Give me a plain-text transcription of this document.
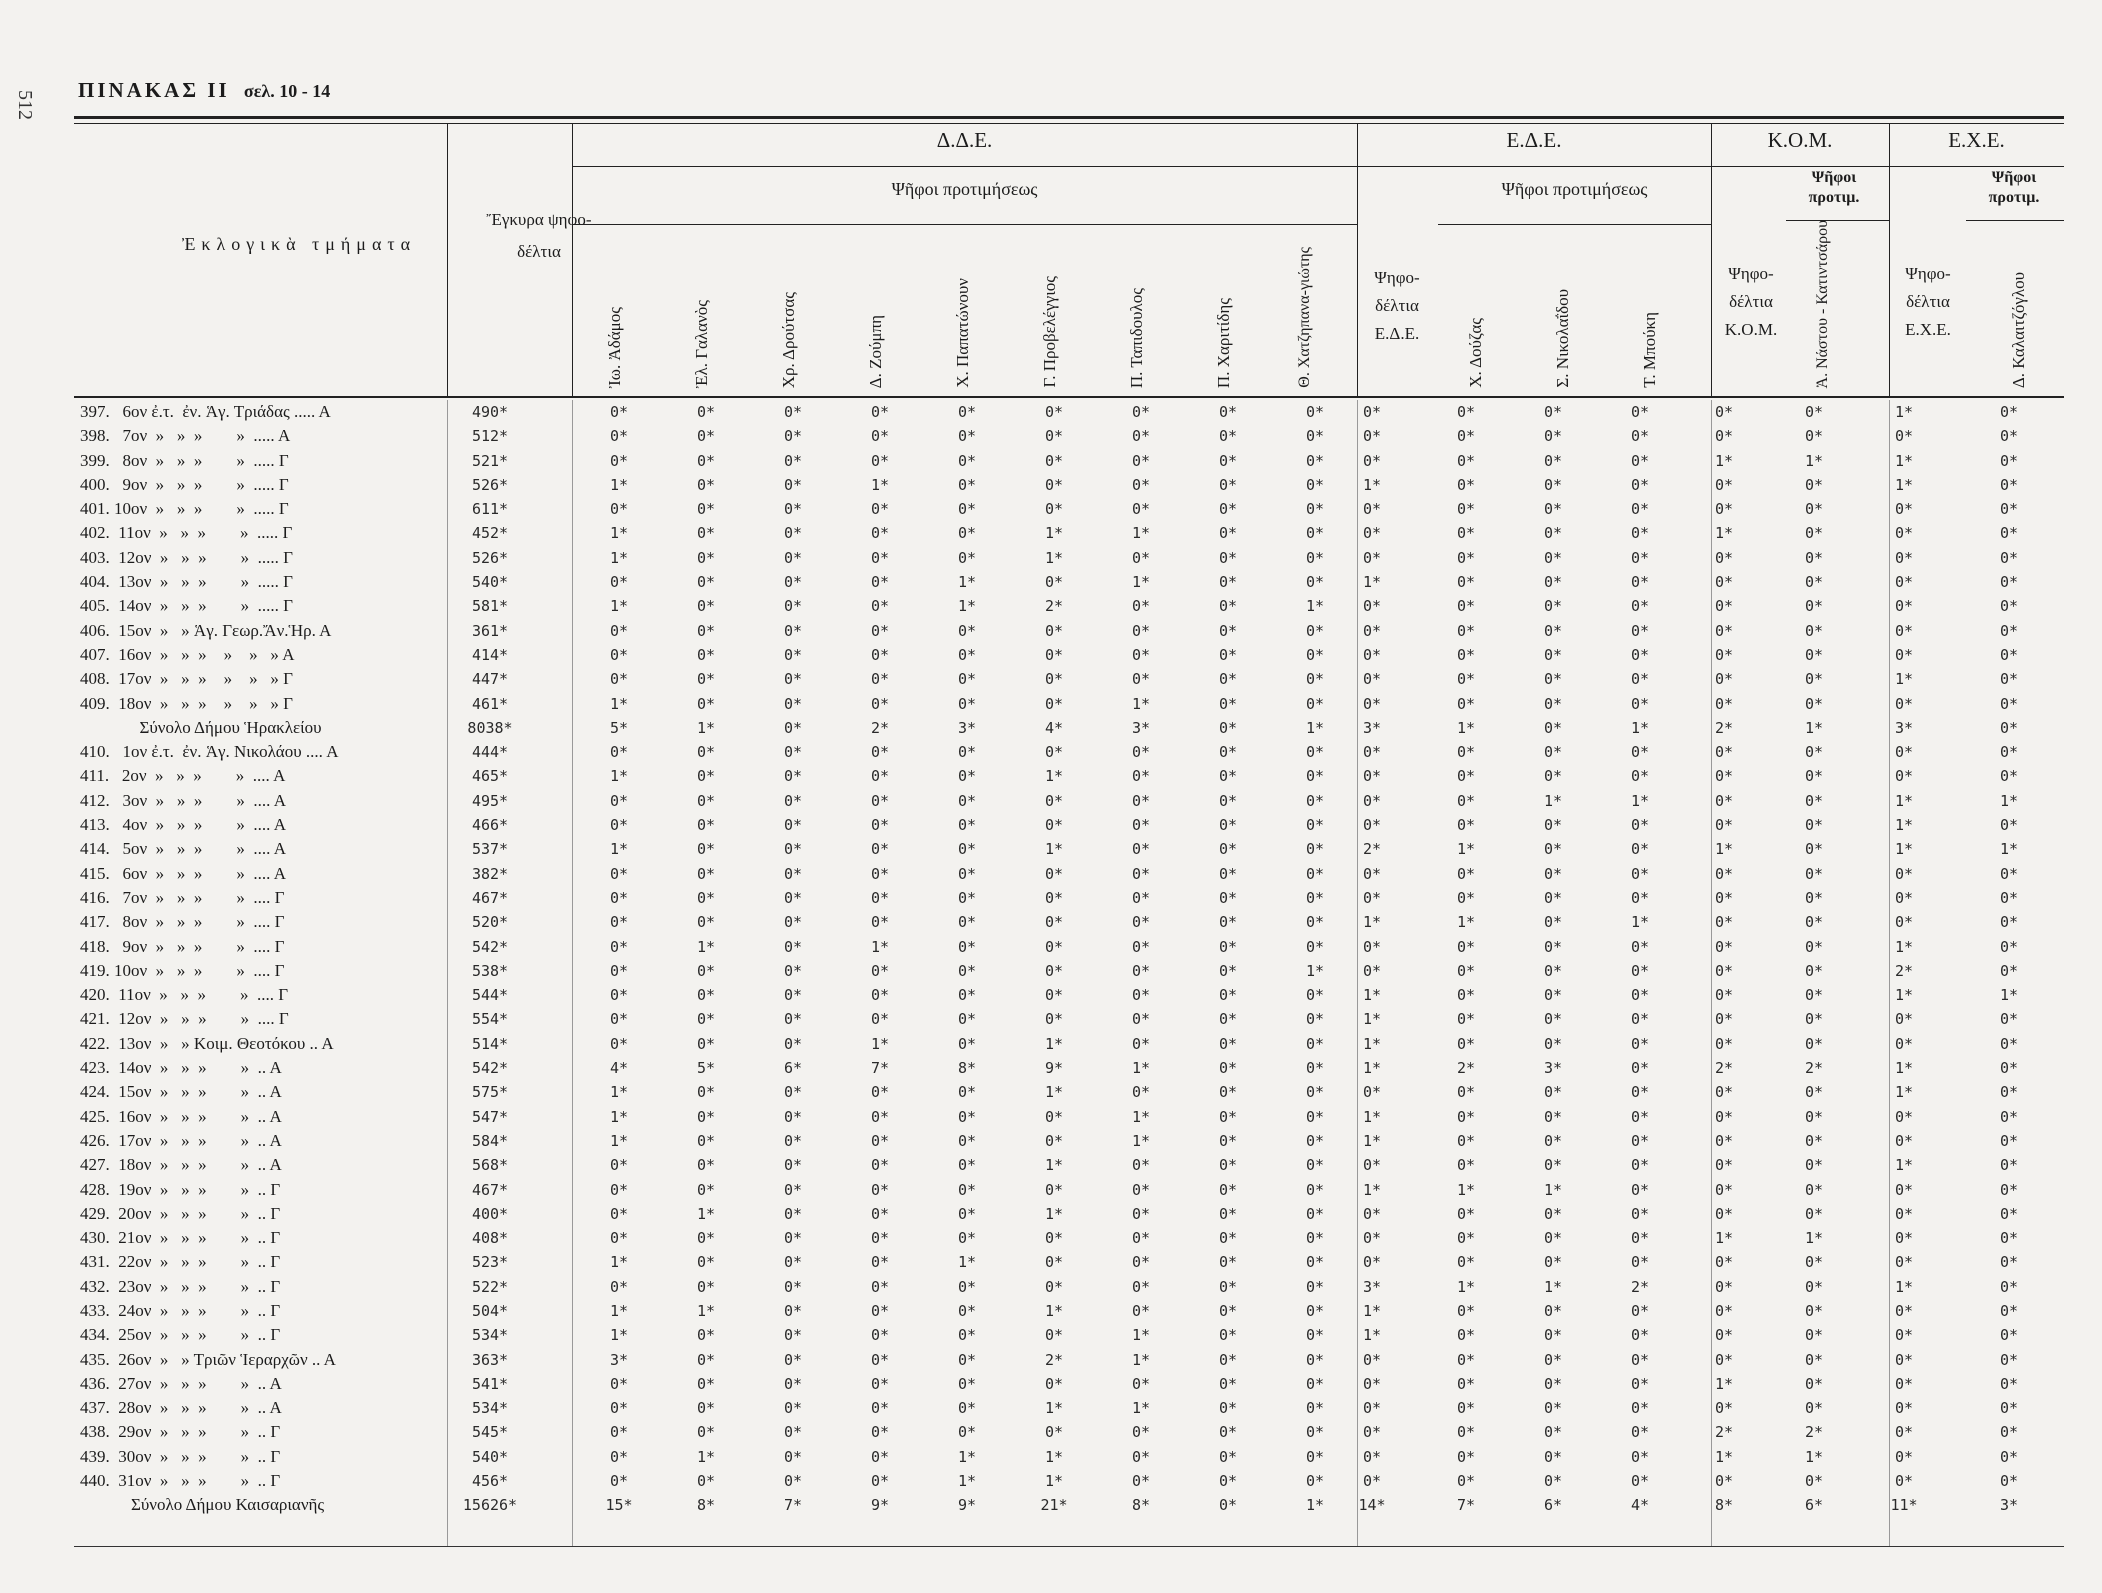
512 ΠΙΝΑΚΑΣ ΙΙ σελ. 10 - 14
Ἐκλογικὰ τμήματα
Ἔγκυρα ψηφο- δέλτια
Δ.Δ.Ε.	Ε.Δ.Ε.	Κ.Ο.Μ.	Ε.Χ.Ε.
Ψῆφοι προτιμήσεως	Ψῆφοι προτιμήσεως
Ψῆφοι προτιμ.
Ψῆφοι προτιμ.
Ἰω. Ἀδάμος	Ἐλ. Γαλανὸς	Χρ. Δρούτσας	Δ. Ζούμπη	Χ. Παπατώνουν	Γ. Προβελέγγιος	Π. Ταπιδουλος	Π. Χαριτίδης	Θ. Χατζηπανα-γιώτης	Ψηφο- δέλτια Ε.Δ.Ε.	Χ. Δούζας	Σ. Νικολαΐδου	Τ. Μπούκη
Ψηφο- δέλτια Κ.Ο.Μ.	Ἀ. Νάστου - Κατιντσάρου	Ψηφο- δέλτια Ε.Χ.Ε.	Δ. Καλαιτζόγλου
397.   6ον ἐ.τ.  ἐν. Ἁγ. Τριάδας ..... Α	490*	0*	0*	0*	0*	0*	0*	0*	0*	0*	0*	0*	0*	0*	0*	0*	1*	0*
398.   7ον  »   »  »        »  ..... Α	512*	0*	0*	0*	0*	0*	0*	0*	0*	0*	0*	0*	0*	0*	0*	0*	0*	0*
399.   8ον  »   »  »        »  ..... Γ	521*	0*	0*	0*	0*	0*	0*	0*	0*	0*	0*	0*	0*	0*	1*	1*	1*	0*
400.   9ον  »   »  »        »  ..... Γ	526*	1*	0*	0*	1*	0*	0*	0*	0*	0*	1*	0*	0*	0*	0*	0*	1*	0*
401. 10ον  »   »  »        »  ..... Γ	611*	0*	0*	0*	0*	0*	0*	0*	0*	0*	0*	0*	0*	0*	0*	0*	0*	0*
402.  11ον  »   »  »        »  ..... Γ	452*	1*	0*	0*	0*	0*	1*	1*	0*	0*	0*	0*	0*	0*	1*	0*	0*	0*
403.  12ον  »   »  »        »  ..... Γ	526*	1*	0*	0*	0*	0*	1*	0*	0*	0*	0*	0*	0*	0*	0*	0*	0*	0*
404.  13ον  »   »  »        »  ..... Γ	540*	0*	0*	0*	0*	1*	0*	1*	0*	0*	1*	0*	0*	0*	0*	0*	0*	0*
405.  14ον  »   »  »        »  ..... Γ	581*	1*	0*	0*	0*	1*	2*	0*	0*	1*	0*	0*	0*	0*	0*	0*	0*	0*
406.  15ον  »   » Ἁγ. Γεωρ.Ἄν.Ἡρ. Α	361*	0*	0*	0*	0*	0*	0*	0*	0*	0*	0*	0*	0*	0*	0*	0*	0*	0*
407.  16ον  »   »  »    »    »   » Α	414*	0*	0*	0*	0*	0*	0*	0*	0*	0*	0*	0*	0*	0*	0*	0*	0*	0*
408.  17ον  »   »  »    »    »   » Γ	447*	0*	0*	0*	0*	0*	0*	0*	0*	0*	0*	0*	0*	0*	0*	0*	1*	0*
409.  18ον  »   »  »    »    »   » Γ	461*	1*	0*	0*	0*	0*	0*	1*	0*	0*	0*	0*	0*	0*	0*	0*	0*	0*
Σύνολο Δήμου Ἡρακλείου	8038*	5*	1*	0*	2*	3*	4*	3*	0*	1*	3*	1*	0*	1*	2*	1*	3*	0*
410.   1ον ἐ.τ.  ἐν. Ἁγ. Νικολάου .... Α	444*	0*	0*	0*	0*	0*	0*	0*	0*	0*	0*	0*	0*	0*	0*	0*	0*	0*
411.   2ον  »   »  »        »  .... Α	465*	1*	0*	0*	0*	0*	1*	0*	0*	0*	0*	0*	0*	0*	0*	0*	0*	0*
412.   3ον  »   »  »        »  .... Α	495*	0*	0*	0*	0*	0*	0*	0*	0*	0*	0*	0*	1*	1*	0*	0*	1*	1*
413.   4ον  »   »  »        »  .... Α	466*	0*	0*	0*	0*	0*	0*	0*	0*	0*	0*	0*	0*	0*	0*	0*	1*	0*
414.   5ον  »   »  »        »  .... Α	537*	1*	0*	0*	0*	0*	1*	0*	0*	0*	2*	1*	0*	0*	1*	0*	1*	1*
415.   6ον  »   »  »        »  .... Α	382*	0*	0*	0*	0*	0*	0*	0*	0*	0*	0*	0*	0*	0*	0*	0*	0*	0*
416.   7ον  »   »  »        »  .... Γ	467*	0*	0*	0*	0*	0*	0*	0*	0*	0*	0*	0*	0*	0*	0*	0*	0*	0*
417.   8ον  »   »  »        »  .... Γ	520*	0*	0*	0*	0*	0*	0*	0*	0*	0*	1*	1*	0*	1*	0*	0*	0*	0*
418.   9ον  »   »  »        »  .... Γ	542*	0*	1*	0*	1*	0*	0*	0*	0*	0*	0*	0*	0*	0*	0*	0*	1*	0*
419. 10ον  »   »  »        »  .... Γ	538*	0*	0*	0*	0*	0*	0*	0*	0*	1*	0*	0*	0*	0*	0*	0*	2*	0*
420.  11ον  »   »  »        »  .... Γ	544*	0*	0*	0*	0*	0*	0*	0*	0*	0*	1*	0*	0*	0*	0*	0*	1*	1*
421.  12ον  »   »  »        »  .... Γ	554*	0*	0*	0*	0*	0*	0*	0*	0*	0*	1*	0*	0*	0*	0*	0*	0*	0*
422.  13ον  »   » Κοιμ. Θεοτόκου .. Α	514*	0*	0*	0*	1*	0*	1*	0*	0*	0*	1*	0*	0*	0*	0*	0*	0*	0*
423.  14ον  »   »  »        »  .. Α	542*	4*	5*	6*	7*	8*	9*	1*	0*	0*	1*	2*	3*	0*	2*	2*	1*	0*
424.  15ον  »   »  »        »  .. Α	575*	1*	0*	0*	0*	0*	1*	0*	0*	0*	0*	0*	0*	0*	0*	0*	1*	0*
425.  16ον  »   »  »        »  .. Α	547*	1*	0*	0*	0*	0*	0*	1*	0*	0*	1*	0*	0*	0*	0*	0*	0*	0*
426.  17ον  »   »  »        »  .. Α	584*	1*	0*	0*	0*	0*	0*	1*	0*	0*	1*	0*	0*	0*	0*	0*	0*	0*
427.  18ον  »   »  »        »  .. Α	568*	0*	0*	0*	0*	0*	1*	0*	0*	0*	0*	0*	0*	0*	0*	0*	1*	0*
428.  19ον  »   »  »        »  .. Γ	467*	0*	0*	0*	0*	0*	0*	0*	0*	0*	1*	1*	1*	0*	0*	0*	0*	0*
429.  20ον  »   »  »        »  .. Γ	400*	0*	1*	0*	0*	0*	1*	0*	0*	0*	0*	0*	0*	0*	0*	0*	0*	0*
430.  21ον  »   »  »        »  .. Γ	408*	0*	0*	0*	0*	0*	0*	0*	0*	0*	0*	0*	0*	0*	1*	1*	0*	0*
431.  22ον  »   »  »        »  .. Γ	523*	1*	0*	0*	0*	1*	0*	0*	0*	0*	0*	0*	0*	0*	0*	0*	0*	0*
432.  23ον  »   »  »        »  .. Γ	522*	0*	0*	0*	0*	0*	0*	0*	0*	0*	3*	1*	1*	2*	0*	0*	1*	0*
433.  24ον  »   »  »        »  .. Γ	504*	1*	1*	0*	0*	0*	1*	0*	0*	0*	1*	0*	0*	0*	0*	0*	0*	0*
434.  25ον  »   »  »        »  .. Γ	534*	1*	0*	0*	0*	0*	0*	1*	0*	0*	1*	0*	0*	0*	0*	0*	0*	0*
435.  26ον  »   » Τριῶν Ἱεραρχῶν .. Α	363*	3*	0*	0*	0*	0*	2*	1*	0*	0*	0*	0*	0*	0*	0*	0*	0*	0*
436.  27ον  »   »  »        »  .. Α	541*	0*	0*	0*	0*	0*	0*	0*	0*	0*	0*	0*	0*	0*	1*	0*	0*	0*
437.  28ον  »   »  »        »  .. Α	534*	0*	0*	0*	0*	0*	1*	1*	0*	0*	0*	0*	0*	0*	0*	0*	0*	0*
438.  29ον  »   »  »        »  .. Γ	545*	0*	0*	0*	0*	0*	0*	0*	0*	0*	0*	0*	0*	0*	2*	2*	0*	0*
439.  30ον  »   »  »        »  .. Γ	540*	0*	1*	0*	0*	1*	1*	0*	0*	0*	0*	0*	0*	0*	1*	1*	0*	0*
440.  31ον  »   »  »        »  .. Γ	456*	0*	0*	0*	0*	1*	1*	0*	0*	0*	0*	0*	0*	0*	0*	0*	0*	0*
Σύνολο Δήμου Καισαριανῆς	15626*	15*	8*	7*	9*	9*	21*	8*	0*	1*	14*	7*	6*	4*	8*	6*	11*	3*
